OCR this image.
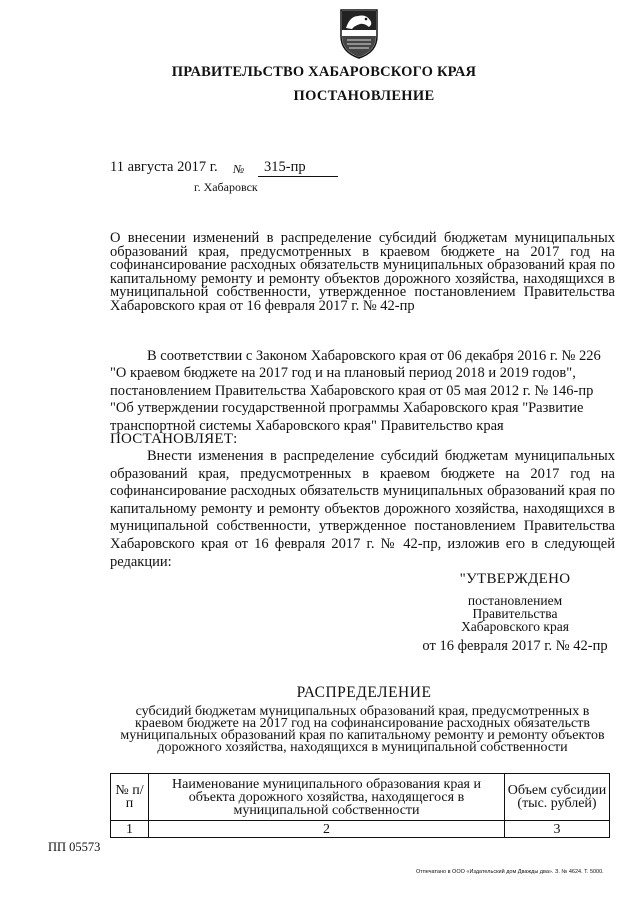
ПРАВИТЕЛЬСТВО ХАБАРОВСКОГО КРАЯ
ПОСТАНОВЛЕНИЕ
11 августа 2017 г. № 315-пр
г. Хабаровск
О внесении изменений в распределение субсидий бюджетам муниципальных образований края, предусмотренных в краевом бюджете на 2017 год на софинансирование расходных обязательств муниципальных образований края по капитальному ремонту и ремонту объектов дорожного хозяйства, находящихся в муниципальной собственности, утвержденное постановлением Правительства Хабаровского края от 16 февраля 2017 г. № 42-пр
В соответствии с Законом Хабаровского края от 06 декабря 2016 г. № 226
"О краевом бюджете на 2017 год и на плановый период 2018 и 2019 годов",
постановлением Правительства Хабаровского края от 05 мая 2012 г. № 146-пр
"Об утверждении государственной программы Хабаровского края "Развитие
транспортной системы Хабаровского края" Правительство края
ПОСТАНОВЛЯЕТ:
Внести изменения в распределение субсидий бюджетам муниципальных образований края, предусмотренных в краевом бюджете на 2017 год на софинансирование расходных обязательств муниципальных образований края по капитальному ремонту и ремонту объектов дорожного хозяйства, находящихся в муниципальной собственности, утвержденное постановлением Правительства Хабаровского края от 16 февраля 2017 г. № 42-пр, изложив его в следующей редакции:
"УТВЕРЖДЕНО
постановлением
Правительства
Хабаровского края
от 16 февраля 2017 г. № 42-пр
РАСПРЕДЕЛЕНИЕ
субсидий бюджетам муниципальных образований края, предусмотренных в краевом бюджете на 2017 год на софинансирование расходных обязательств муниципальных образований края по капитальному ремонту и ремонту объектов дорожного хозяйства, находящихся в муниципальной собственности
№ п/п	Наименование муниципального образования края и объекта дорожного хозяйства, находящегося в муниципальной собственности	Объем субсидии (тыс. рублей)
1	2	3
ПП 05573
Отпечатано в ООО «Издательский дом Дважды два». З. № 4624. Т. 5000.
